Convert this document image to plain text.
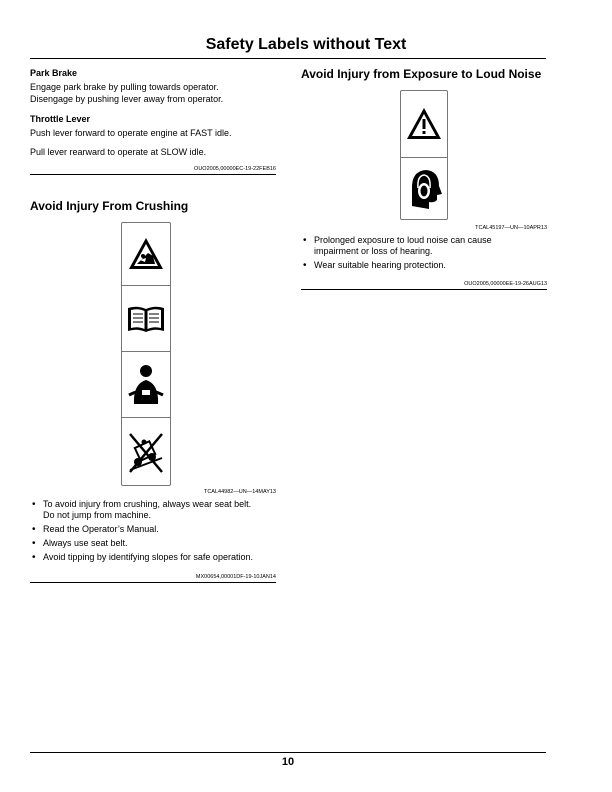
Safety Labels without Text
Park Brake
Engage park brake by pulling towards operator.
Disengage by pushing lever away from operator.
Throttle Lever
Push lever forward to operate engine at FAST idle.
Pull lever rearward to operate at SLOW idle.
OUO2005,00000EC-19-22FEB16
Avoid Injury From Crushing
TCAL44982—UN—14MAY13
• To avoid injury from crushing, always wear seat belt.
Do not jump from machine.
• Read the Operator’s Manual.
• Always use seat belt.
• Avoid tipping by identifying slopes for safe operation.
MX00654,00001DF-19-10JAN14
Avoid Injury from Exposure to Loud Noise
TCAL45197—UN—10APR13
• Prolonged exposure to loud noise can cause
impairment or loss of hearing.
• Wear suitable hearing protection.
OUO2005,00000EE-19-26AUG13
10
